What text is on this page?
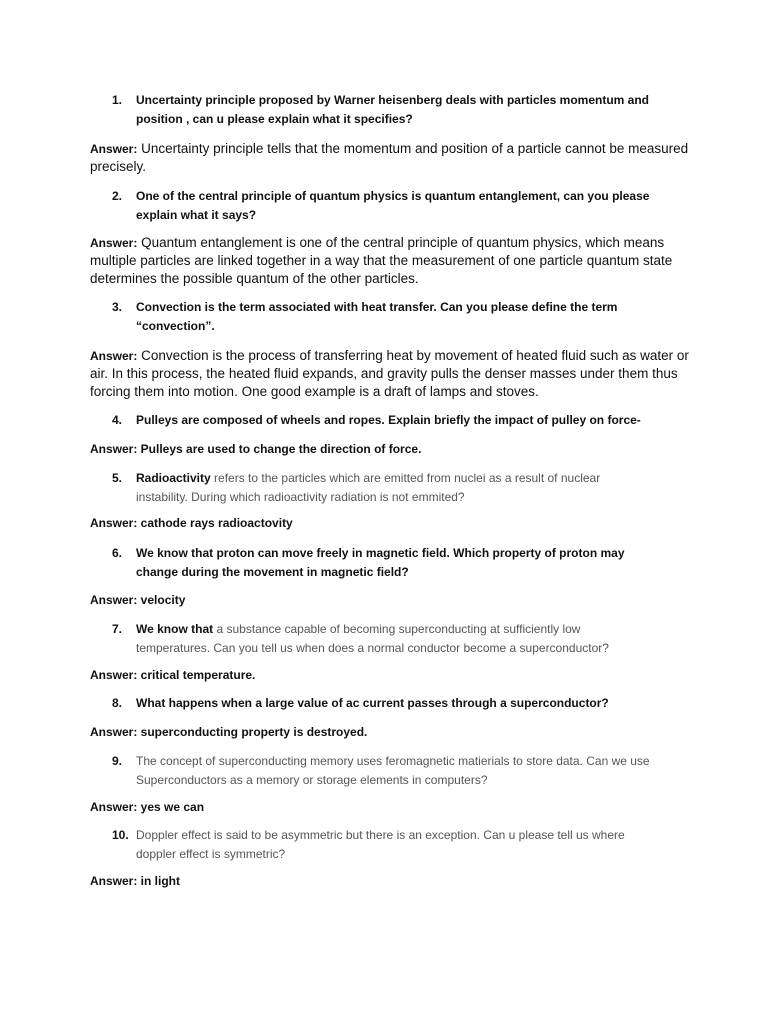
1.	Uncertainty principle proposed by Warner heisenberg deals with particles momentum and position , can u please explain what it specifies?
Answer: Uncertainty principle tells that the momentum and position of a particle cannot be measured precisely.
2.	One of the central principle of quantum physics is quantum entanglement, can you please explain what it says?
Answer: Quantum entanglement is one of the central principle of quantum physics, which means multiple particles are linked together in a way that the measurement of one particle quantum state determines the possible quantum of the other particles.
3.	Convection is the term associated with heat transfer. Can you please define the term “convection”.
Answer: Convection is the process of transferring heat by movement of heated fluid such as water or air. In this process, the heated fluid expands, and gravity pulls the denser masses under them thus forcing them into motion. One good example is a draft of lamps and stoves.
4.	Pulleys are composed of wheels and ropes. Explain briefly the impact of pulley on force-
Answer: Pulleys are used to change the direction of force.
5.	Radioactivity refers to the particles which are emitted from nuclei as a result of nuclear instability. During which radioactivity radiation is not emmited?
Answer: cathode rays radioactovity
6.	We know that proton can move freely in magnetic field. Which property of proton may change during the movement in magnetic field?
Answer: velocity
7.	We know that a substance capable of becoming superconducting at sufficiently low temperatures. Can you tell us when does a normal conductor become a superconductor?
Answer: critical temperature.
8.	What happens when a large value of ac current passes through a superconductor?
Answer: superconducting property is destroyed.
9.	The concept of superconducting memory uses feromagnetic matierials to store data. Can we use Superconductors as a memory or storage elements in computers?
Answer: yes we can
10. Doppler effect is said to be asymmetric but there is an exception. Can u please tell us where doppler effect is symmetric?
Answer: in light
